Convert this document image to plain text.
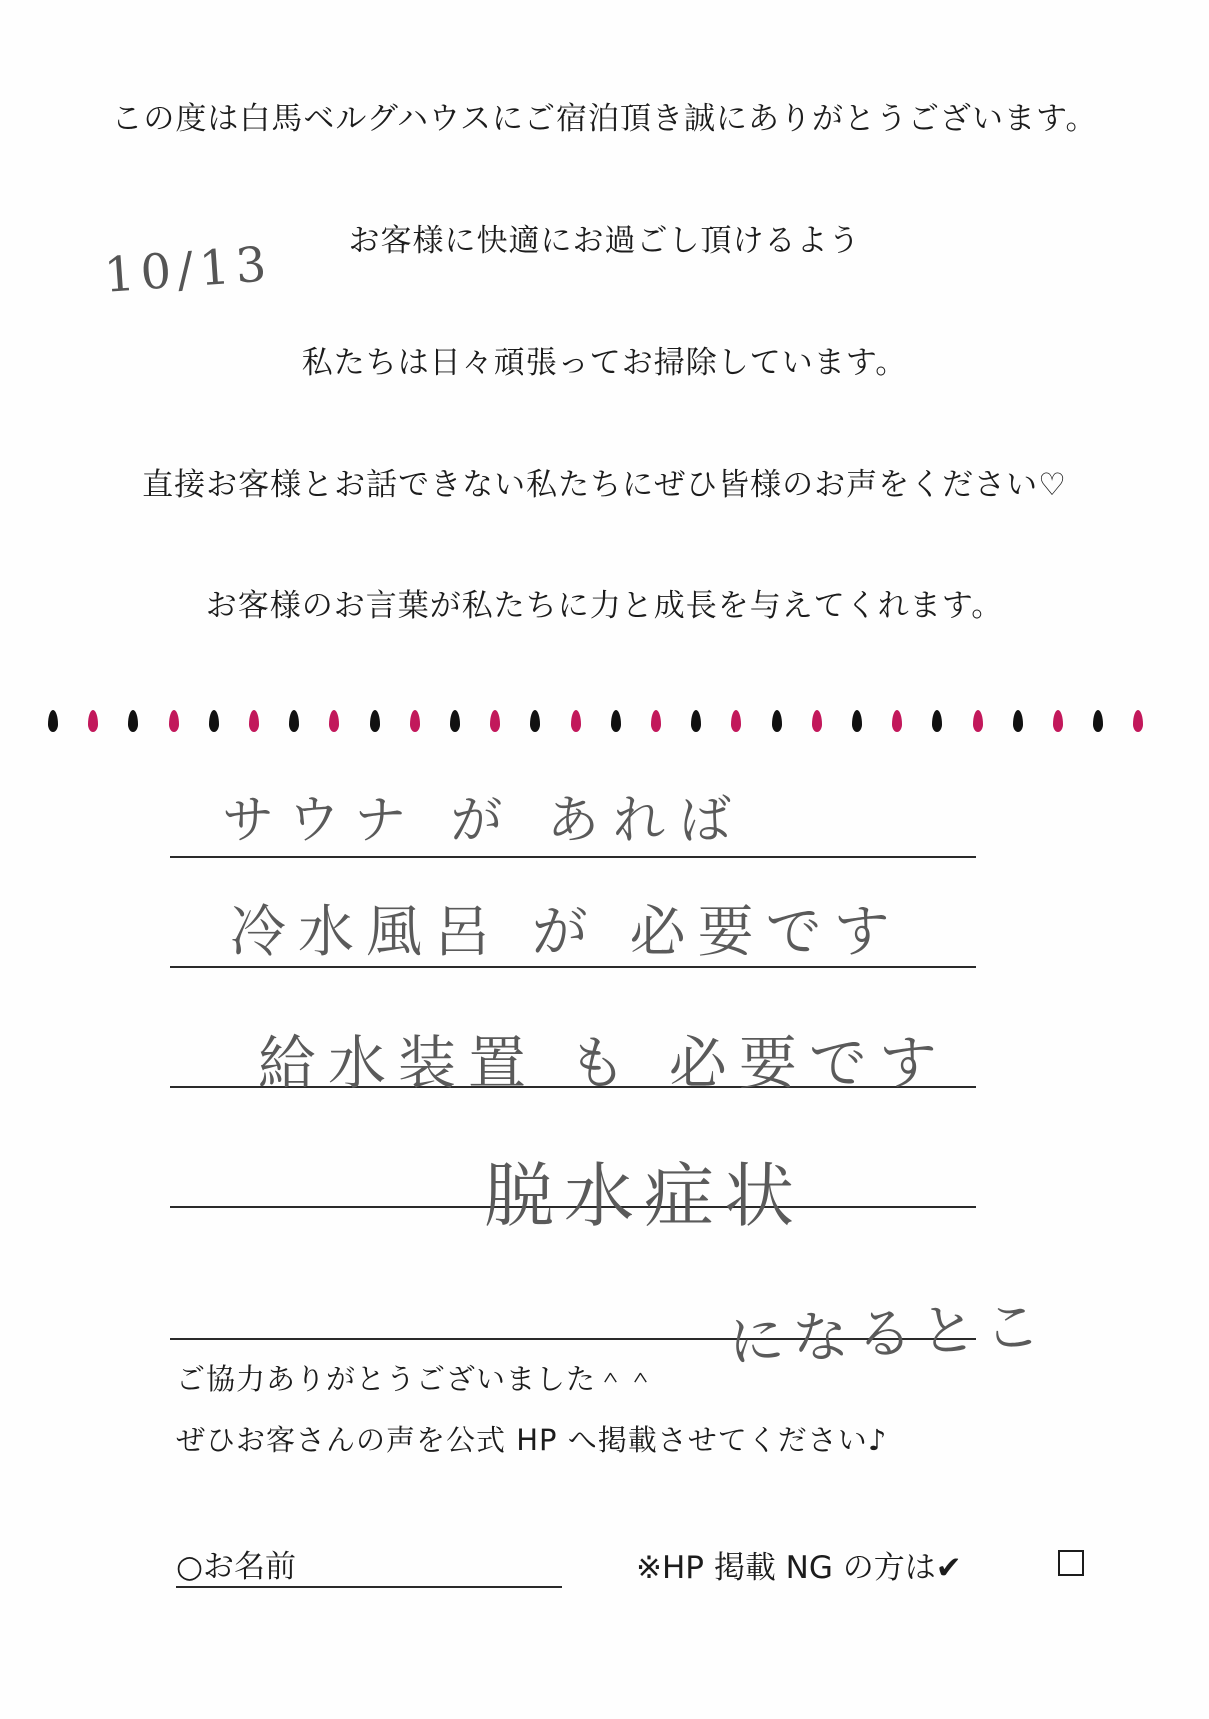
この度は白馬ベルグハウスにご宿泊頂き誠にありがとうございます。
お客様に快適にお過ごし頂けるよう
私たちは日々頑張ってお掃除しています。
直接お客様とお話できない私たちにぜひ皆様のお声をください♡
お客様のお言葉が私たちに力と成長を与えてくれます。
10/13
サウナ が あれば
冷水風呂 が 必要です
給水装置 も 必要です
脱水症状
になるとこ
ご協力ありがとうございました＾＾
ぜひお客さんの声を公式 HP へ掲載させてください♪
○お名前	※HP 掲載 NG の方は✔
